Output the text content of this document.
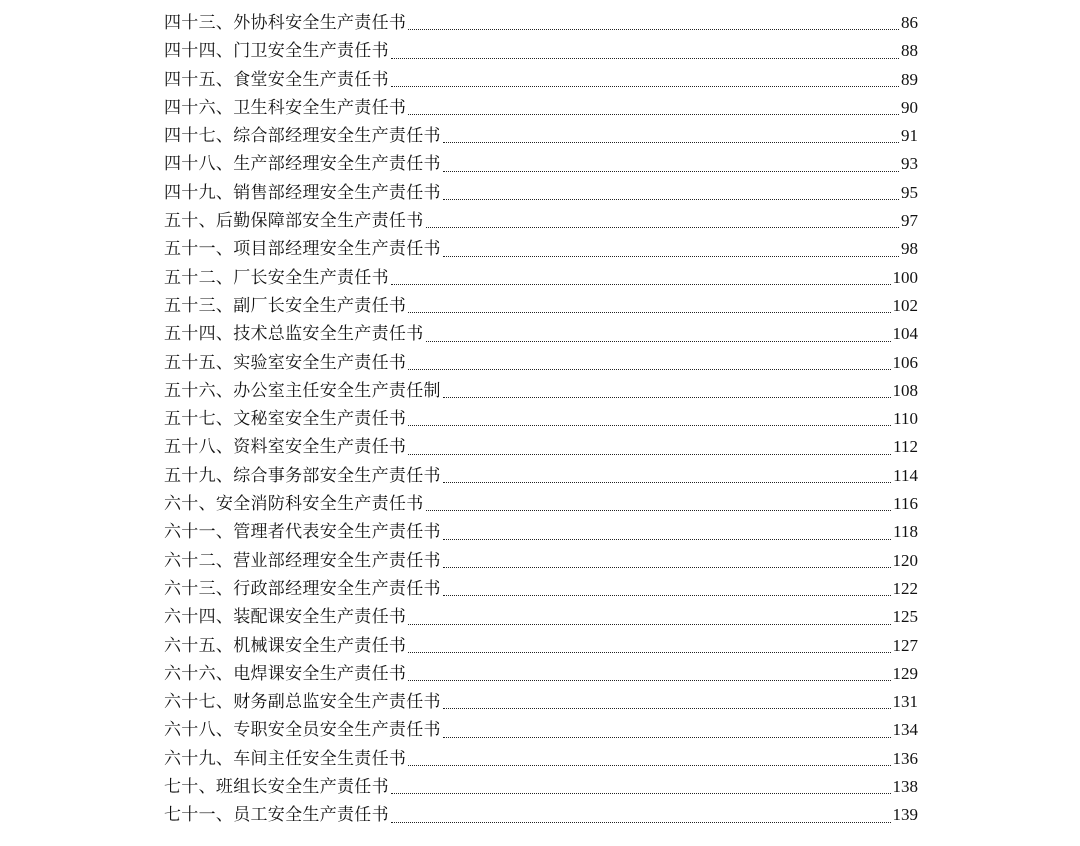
四十三、外协科安全生产责任书	86
四十四、门卫安全生产责任书	88
四十五、食堂安全生产责任书	89
四十六、卫生科安全生产责任书	90
四十七、综合部经理安全生产责任书	91
四十八、生产部经理安全生产责任书	93
四十九、销售部经理安全生产责任书	95
五十、后勤保障部安全生产责任书	97
五十一、项目部经理安全生产责任书	98
五十二、厂长安全生产责任书	100
五十三、副厂长安全生产责任书	102
五十四、技术总监安全生产责任书	104
五十五、实验室安全生产责任书	106
五十六、办公室主任安全生产责任制	108
五十七、文秘室安全生产责任书	110
五十八、资料室安全生产责任书	112
五十九、综合事务部安全生产责任书	114
六十、安全消防科安全生产责任书	116
六十一、管理者代表安全生产责任书	118
六十二、营业部经理安全生产责任书	120
六十三、行政部经理安全生产责任书	122
六十四、装配课安全生产责任书	125
六十五、机械课安全生产责任书	127
六十六、电焊课安全生产责任书	129
六十七、财务副总监安全生产责任书	131
六十八、专职安全员安全生产责任书	134
六十九、车间主任安全生责任书	136
七十、班组长安全生产责任书	138
七十一、员工安全生产责任书	139
